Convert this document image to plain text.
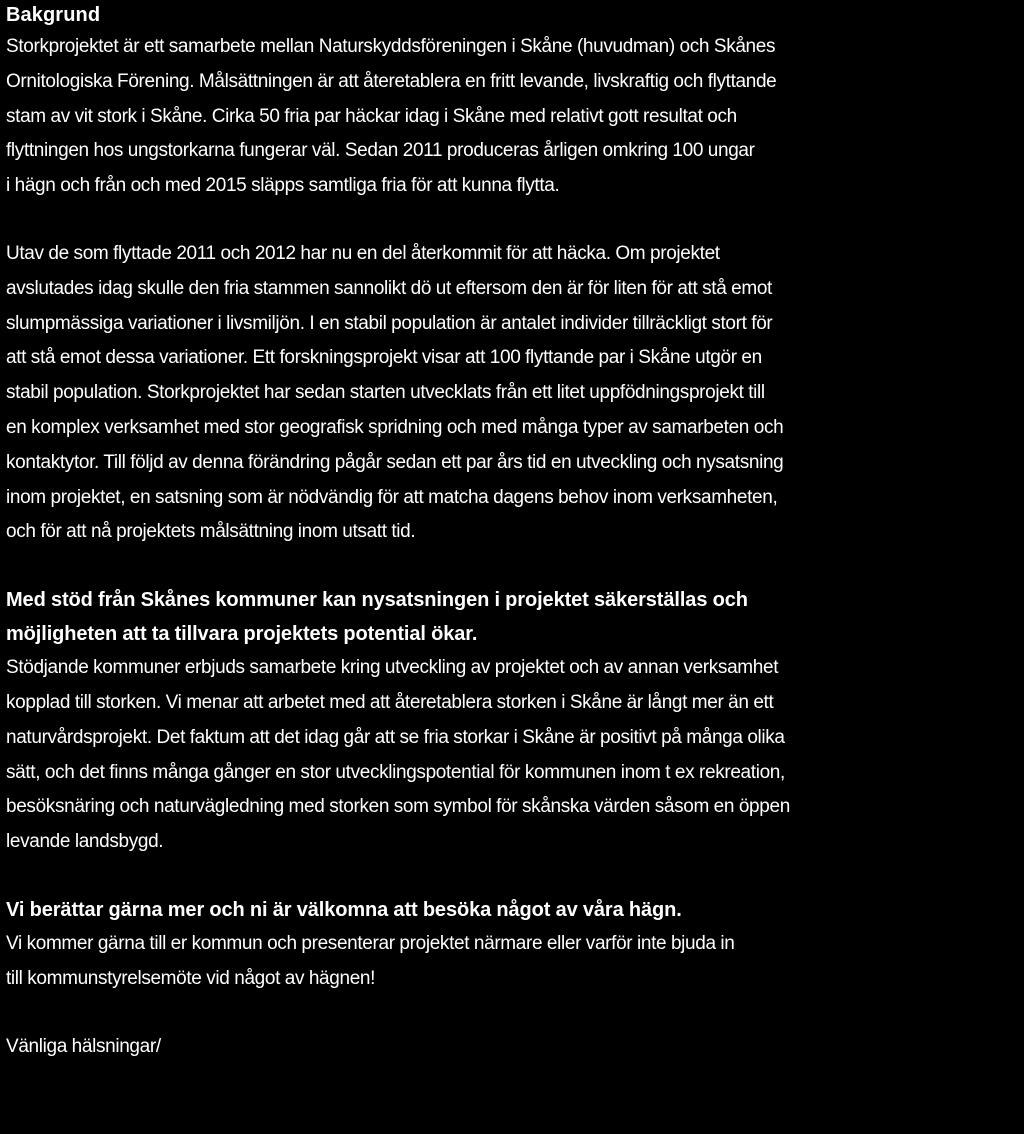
Bakgrund

Storkprojektet är ett samarbete mellan Naturskyddsföreningen i Skåne (huvudman) och Skånes
Ornitologiska Förening. Målsättningen är att återetablera en fritt levande, livskraftig och flyttande
stam av vit stork i Skåne. Cirka 50 fria par häckar idag i Skåne med relativt gott resultat och
flyttningen hos ungstorkarna fungerar väl. Sedan 2011 produceras årligen omkring 100 ungar
i hägn och från och med 2015 släpps samtliga fria för att kunna flytta.

Utav de som flyttade 2011 och 2012 har nu en del återkommit för att häcka. Om projektet
avslutades idag skulle den fria stammen sannolikt dö ut eftersom den är för liten för att stå emot
slumpmässiga variationer i livsmiljön. I en stabil population är antalet individer tillräckligt stort för
att stå emot dessa variationer. Ett forskningsprojekt visar att 100 flyttande par i Skåne utgör en
stabil population. Storkprojektet har sedan starten utvecklats från ett litet uppfödningsprojekt till
en komplex verksamhet med stor geografisk spridning och med många typer av samarbeten och
kontaktytor. Till följd av denna förändring pågår sedan ett par års tid en utveckling och nysatsning
inom projektet, en satsning som är nödvändig för att matcha dagens behov inom verksamheten,
och för att nå projektets målsättning inom utsatt tid.

Med stöd från Skånes kommuner kan nysatsningen i projektet säkerställas och
möjligheten att ta tillvara projektets potential ökar.
Stödjande kommuner erbjuds samarbete kring utveckling av projektet och av annan verksamhet
kopplad till storken. Vi menar att arbetet med att återetablera storken i Skåne är långt mer än ett
naturvårdsprojekt. Det faktum att det idag går att se fria storkar i Skåne är positivt på många olika
sätt, och det finns många gånger en stor utvecklingspotential för kommunen inom t ex rekreation,
besöksnäring och naturvägledning med storken som symbol för skånska värden såsom en öppen
levande landsbygd.

Vi berättar gärna mer och ni är välkomna att besöka något av våra hägn.
Vi kommer gärna till er kommun och presenterar projektet närmare eller varför inte bjuda in
till kommunstyrelsemöte vid något av hägnen!

Vänliga hälsningar/
